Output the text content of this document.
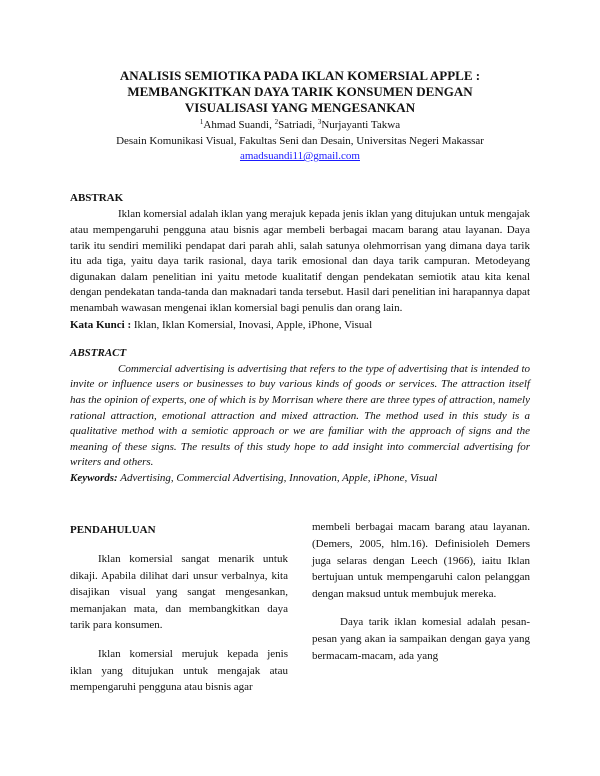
ANALISIS SEMIOTIKA PADA IKLAN KOMERSIAL APPLE :
MEMBANGKITKAN DAYA TARIK KONSUMEN DENGAN
VISUALISASI YANG MENGESANKAN
$^1$Ahmad Suandi, $^2$Satriadi, $^3$Nurjayanti Takwa
Desain Komunikasi Visual, Fakultas Seni dan Desain, Universitas Negeri Makassar
amadsuandi11@gmail.com
ABSTRAK

Iklan komersial adalah iklan yang merajuk kepada jenis iklan yang ditujukan untuk mengajak atau mempengaruhi pengguna atau bisnis agar membeli berbagai macam barang atau layanan. Daya tarik itu sendiri memiliki pendapat dari parah ahli, salah satunya olehmorrisan yang dimana daya tarik itu ada tiga, yaitu daya tarik rasional, daya tarik emosional dan daya tarik campuran. Metodeyang digunakan dalam penelitian ini yaitu metode kualitatif dengan pendekatan semiotik atau kita kenal dengan pendekatan tanda-tanda dan maknadari tanda tersebut. Hasil dari penelitian ini harapannya dapat menambah wawasan mengenai iklan komersial bagi penulis dan orang lain.

Kata Kunci : Iklan, Iklan Komersial, Inovasi, Apple, iPhone, Visual
ABSTRACT

Commercial advertising is advertising that refers to the type of advertising that is intended to invite or influence users or businesses to buy various kinds of goods or services. The attraction itself has the opinion of experts, one of which is by Morrisan where there are three types of attraction, namely rational attraction, emotional attraction and mixed attraction. The method used in this study is a qualitative method with a semiotic approach or we are familiar with the approach of signs and the meaning of these signs. The results of this study hope to add insight into commercial advertising for writers and others.

Keywords: Advertising, Commercial Advertising, Innovation, Apple, iPhone, Visual
PENDAHULUAN

Iklan komersial sangat menarik untuk dikaji. Apabila dilihat dari unsur verbalnya, kita disajikan visual yang sangat mengesankan, memanjakan mata, dan membangkitkan daya tarik para konsumen.

Iklan komersial merujuk kepada jenis iklan yang ditujukan untuk mengajak atau mempengaruhi pengguna atau bisnis agar

membeli berbagai macam barang atau layanan. (Demers, 2005, hlm.16). Definisioleh Demers juga selaras dengan Leech (1966), iaitu Iklan bertujuan untuk mempengaruhi calon pelanggan dengan maksud untuk membujuk mereka.

Daya tarik iklan komesial adalah pesan-pesan yang akan ia sampaikan dengan gaya yang bermacam-macam, ada yang
